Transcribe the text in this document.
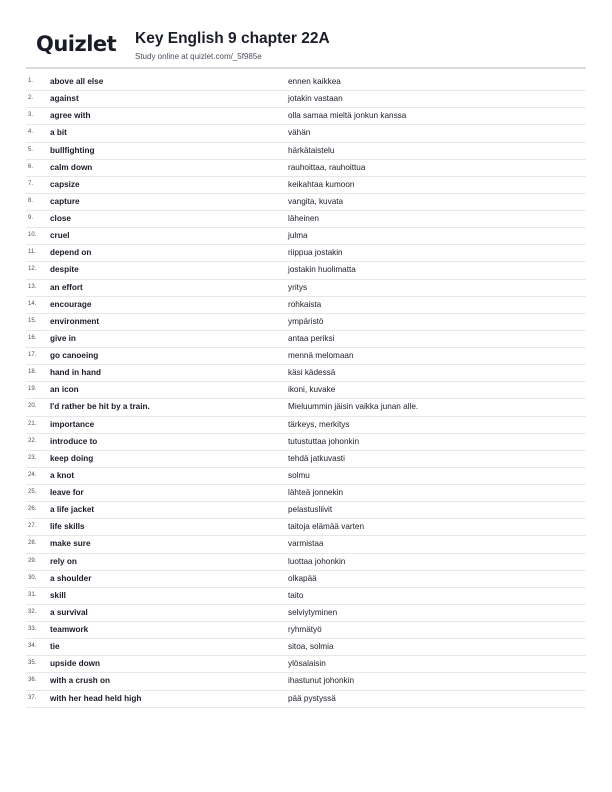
Quizlet Key English 9 chapter 22A
Study online at quizlet.com/_5f985e
1. above all else	ennen kaikkea
2. against	jotakin vastaan
3. agree with	olla samaa mieltä jonkun kanssa
4. a bit	vähän
5. bullfighting	härkätaistelu
6. calm down	rauhoittaa, rauhoittua
7. capsize	keikahtaa kumoon
8. capture	vangita, kuvata
9. close	läheinen
10. cruel	julma
11. depend on	riippua jostakin
12. despite	jostakin huolimatta
13. an effort	yritys
14. encourage	rohkaista
15. environment	ympäristö
16. give in	antaa periksi
17. go canoeing	mennä melomaan
18. hand in hand	käsi kädessä
19. an icon	ikoni, kuvake
20. I'd rather be hit by a train.	Mieluummin jäisin vaikka junan alle.
21. importance	tärkeys, merkitys
22. introduce to	tutustuttaa johonkin
23. keep doing	tehdä jatkuvasti
24. a knot	solmu
25. leave for	lähteä jonnekin
26. a life jacket	pelastusliivit
27. life skills	taitoja elämää varten
28. make sure	varmistaa
29. rely on	luottaa johonkin
30. a shoulder	olkapää
31. skill	taito
32. a survival	selviytyminen
33. teamwork	ryhmätyö
34. tie	sitoa, solmia
35. upside down	ylösalaisin
36. with a crush on	ihastunut johonkin
37. with her head held high	pää pystyssä
